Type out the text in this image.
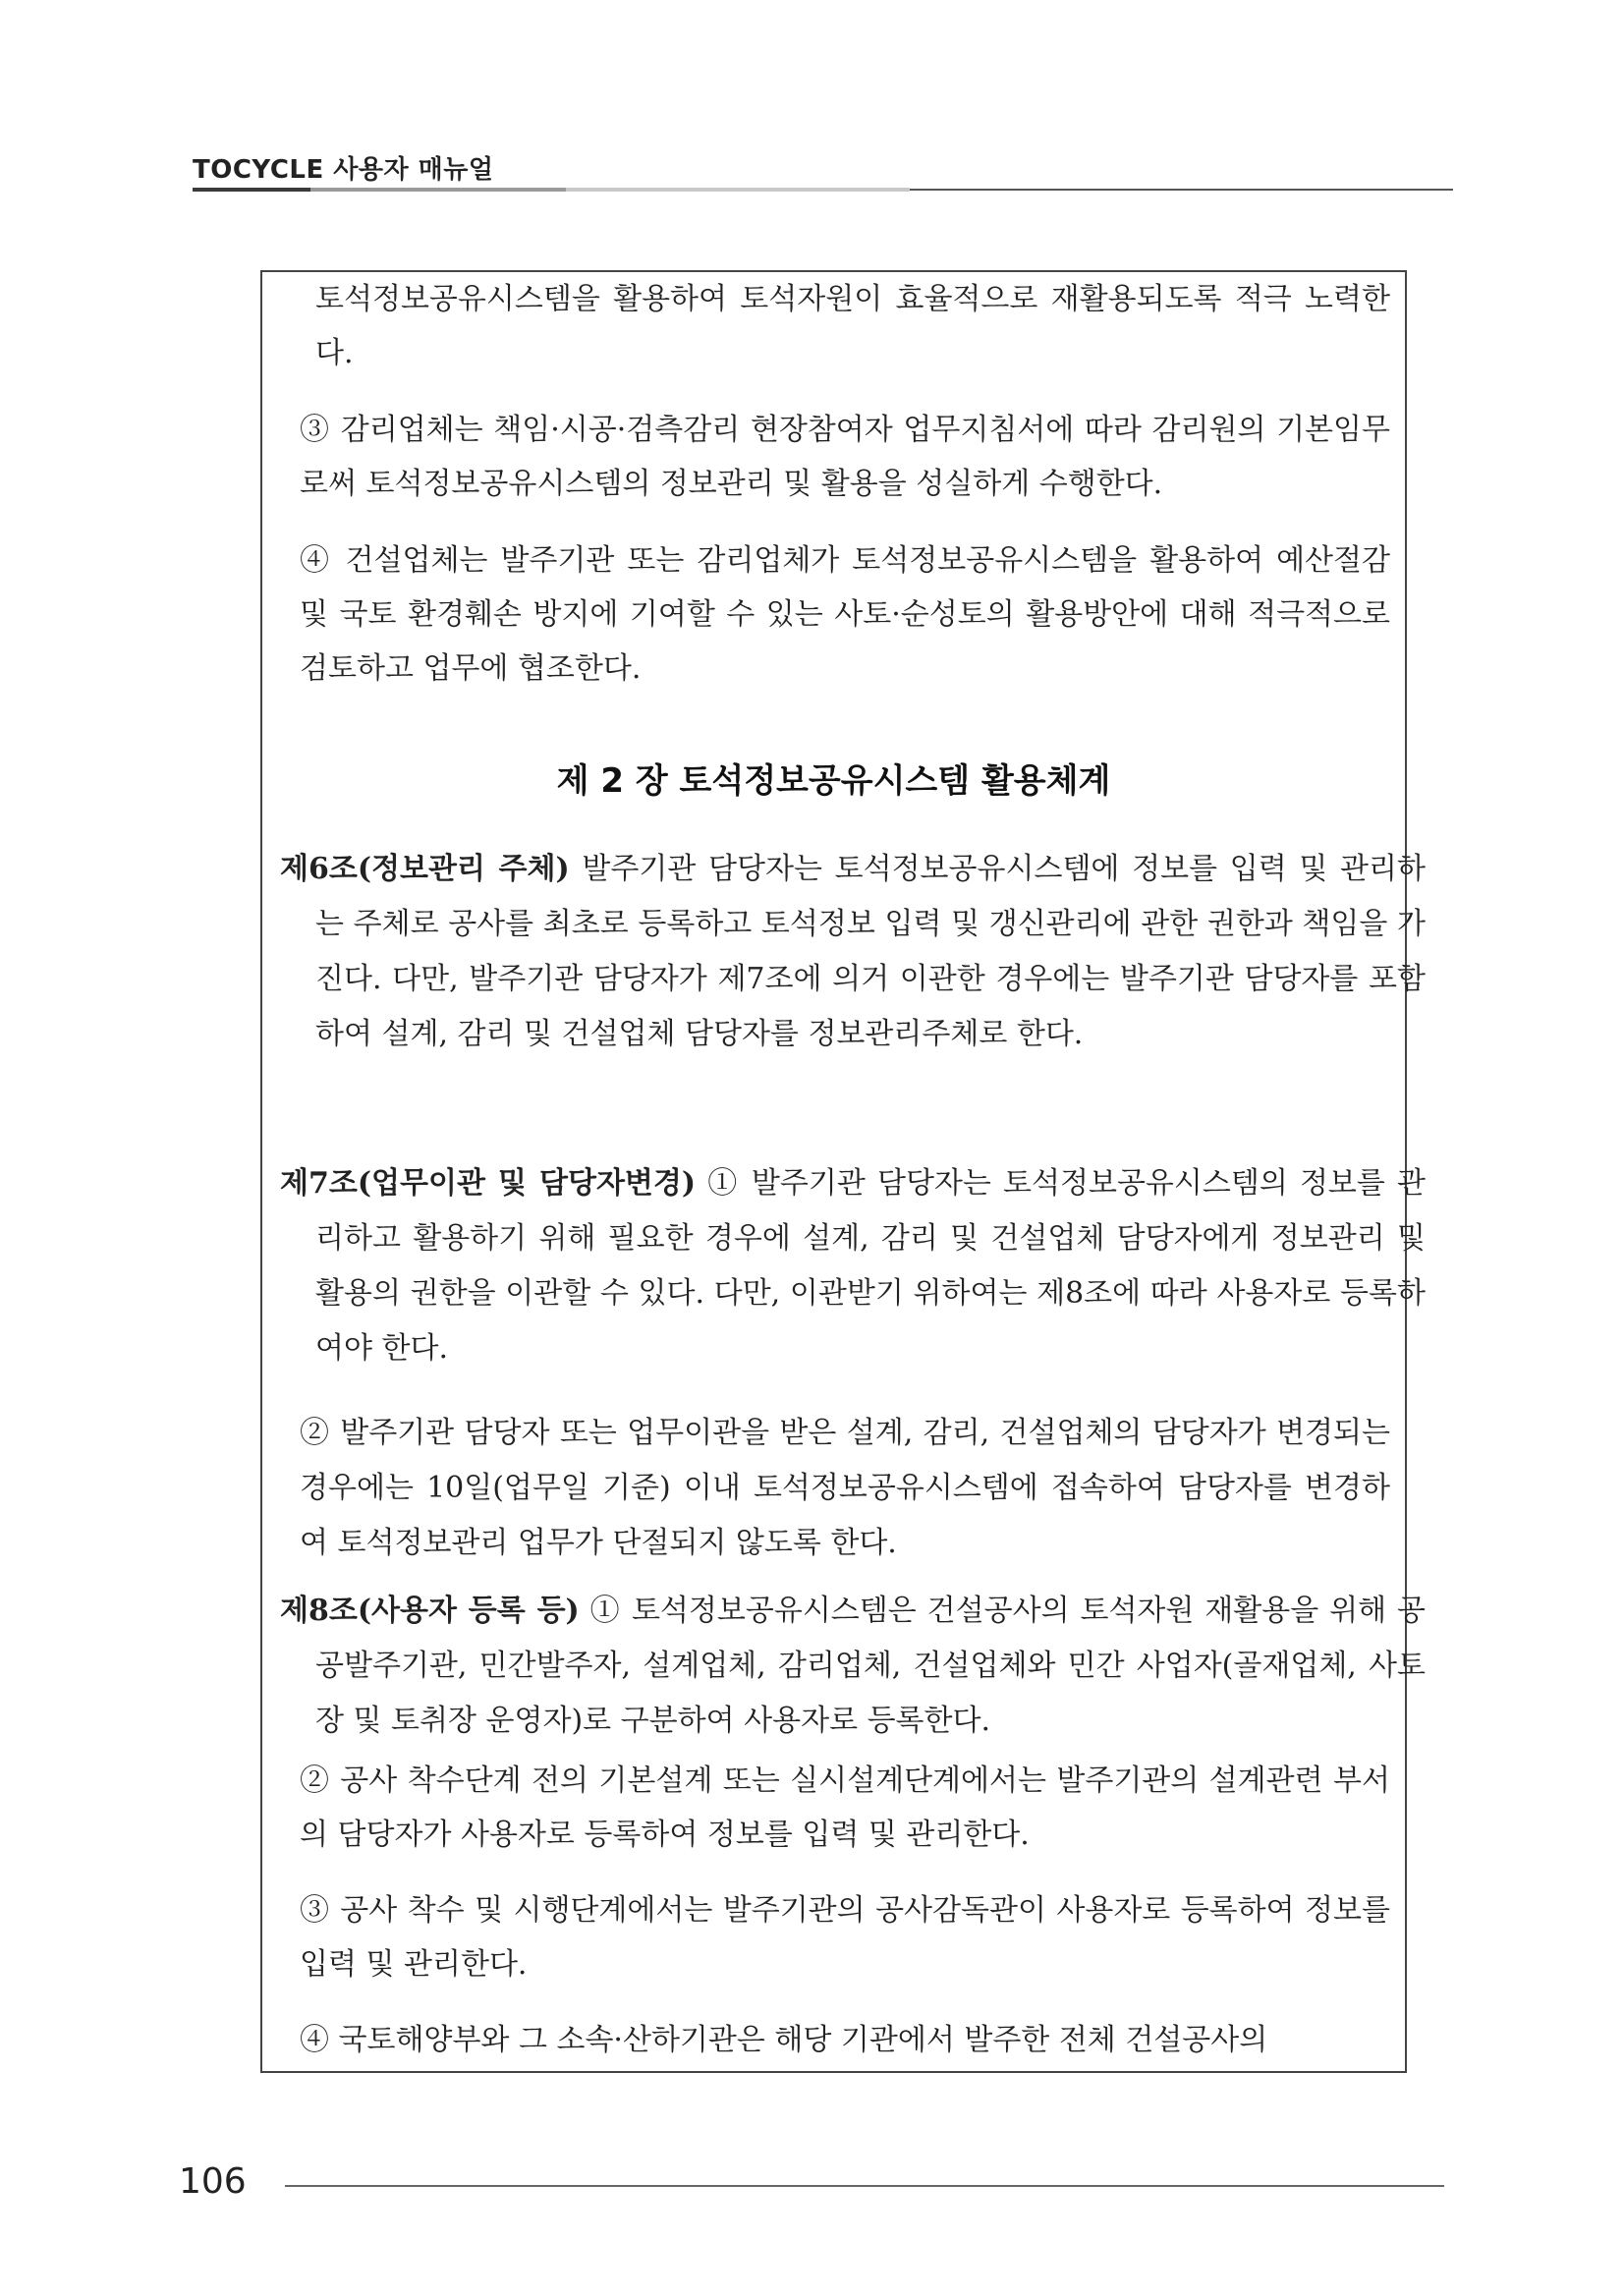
TOCYCLE 사용자 매뉴얼
토석정보공유시스템을 활용하여 토석자원이 효율적으로 재활용되도록 적극 노력한다.
③ 감리업체는 책임·시공·검측감리 현장참여자 업무지침서에 따라 감리원의 기본임무로써 토석정보공유시스템의 정보관리 및 활용을 성실하게 수행한다.
④ 건설업체는 발주기관 또는 감리업체가 토석정보공유시스템을 활용하여 예산절감 및 국토 환경훼손 방지에 기여할 수 있는 사토·순성토의 활용방안에 대해 적극적으로 검토하고 업무에 협조한다.
제 2 장 토석정보공유시스템 활용체계
제6조(정보관리 주체) 발주기관 담당자는 토석정보공유시스템에 정보를 입력 및 관리하는 주체로 공사를 최초로 등록하고 토석정보 입력 및 갱신관리에 관한 권한과 책임을 가진다. 다만, 발주기관 담당자가 제7조에 의거 이관한 경우에는 발주기관 담당자를 포함하여 설계, 감리 및 건설업체 담당자를 정보관리주체로 한다.
제7조(업무이관 및 담당자변경) ① 발주기관 담당자는 토석정보공유시스템의 정보를 관리하고 활용하기 위해 필요한 경우에 설계, 감리 및 건설업체 담당자에게 정보관리 및 활용의 권한을 이관할 수 있다. 다만, 이관받기 위하여는 제8조에 따라 사용자로 등록하여야 한다.
② 발주기관 담당자 또는 업무이관을 받은 설계, 감리, 건설업체의 담당자가 변경되는 경우에는 10일(업무일 기준) 이내 토석정보공유시스템에 접속하여 담당자를 변경하여 토석정보관리 업무가 단절되지 않도록 한다.
제8조(사용자 등록 등) ① 토석정보공유시스템은 건설공사의 토석자원 재활용을 위해 공공발주기관, 민간발주자, 설계업체, 감리업체, 건설업체와 민간 사업자(골재업체, 사토장 및 토취장 운영자)로 구분하여 사용자로 등록한다.
② 공사 착수단계 전의 기본설계 또는 실시설계단계에서는 발주기관의 설계관련 부서의 담당자가 사용자로 등록하여 정보를 입력 및 관리한다.
④ 국토해양부와 그 소속·산하기관은 해당 기관에서 발주한 전체 건설공사의
③ 공사 착수 및 시행단계에서는 발주기관의 공사감독관이 사용자로 등록하여 정보를 입력 및 관리한다.
106
